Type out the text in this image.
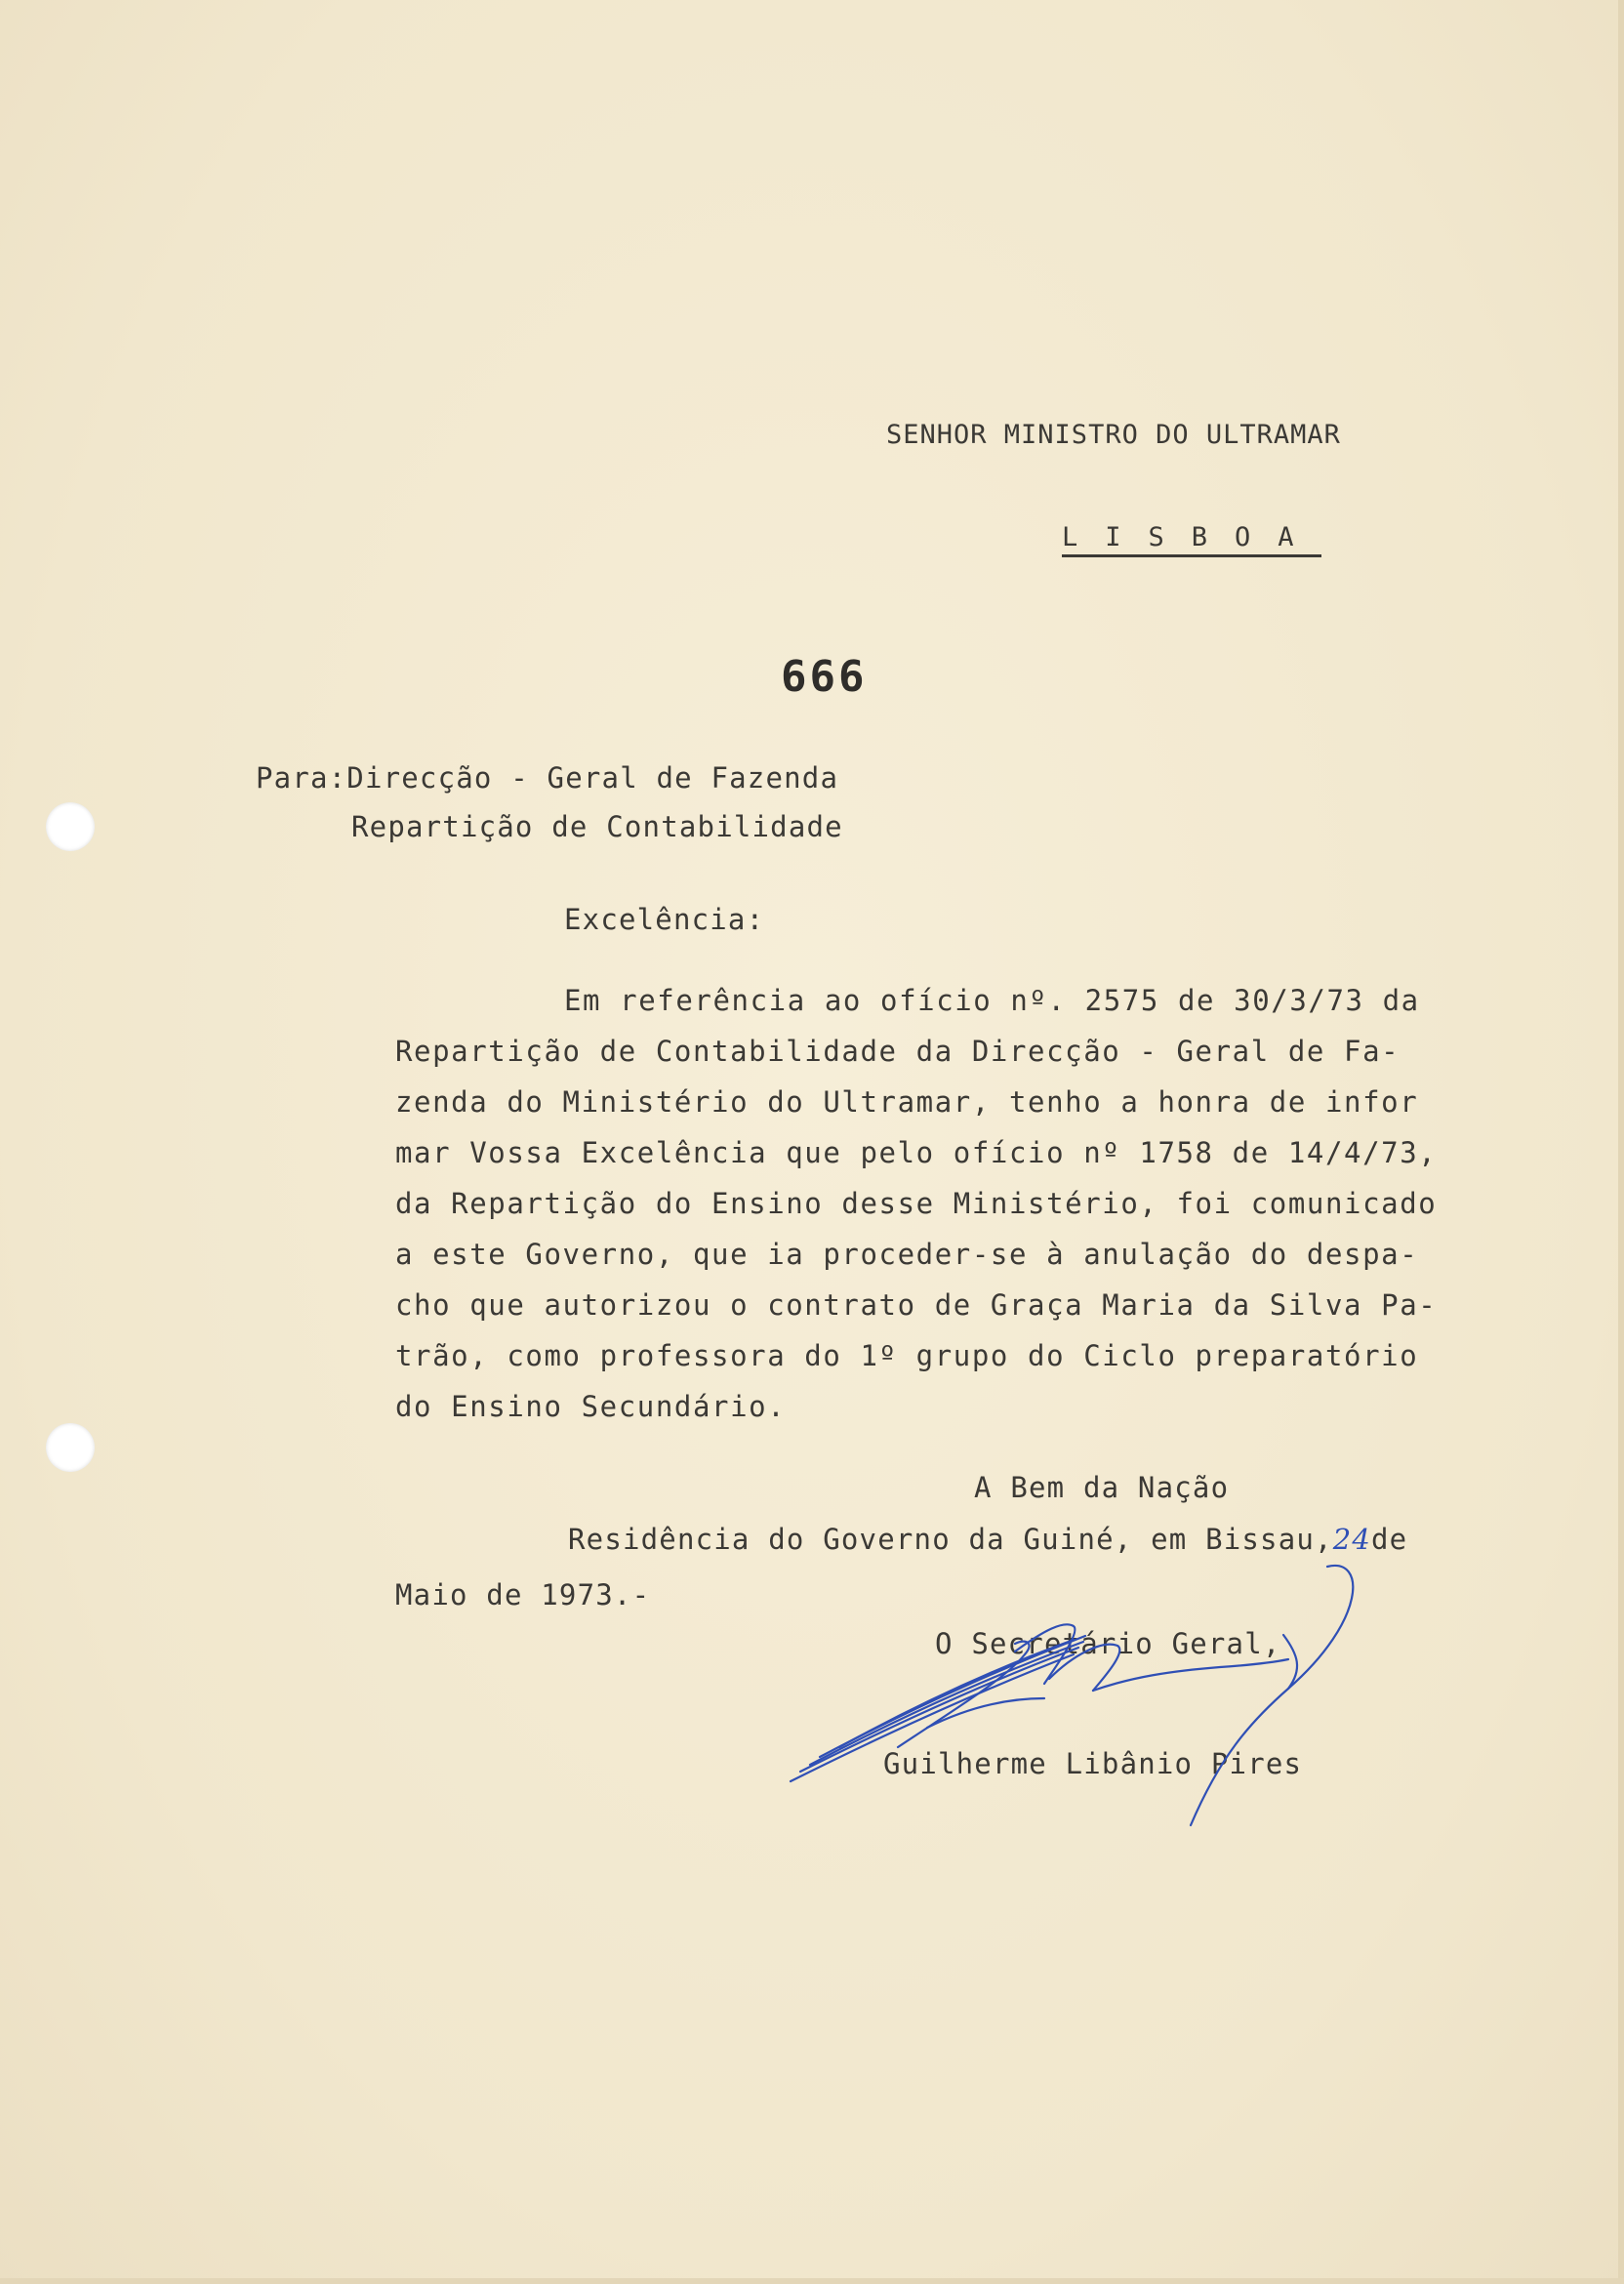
SENHOR MINISTRO DO ULTRAMAR
LISBOA
666
Para:Direcção - Geral de Fazenda
Repartição de Contabilidade
Excelência:
Em referência ao ofício nº. 2575 de 30/3/73 da
Repartição de Contabilidade da Direcção - Geral de Fa-
zenda do Ministério do Ultramar, tenho a honra de infor
mar Vossa Excelência que pelo ofício nº 1758 de 14/4/73,
da Repartição do Ensino desse Ministério, foi comunicado
a este Governo, que ia proceder-se à anulação do despa-
cho que autorizou o contrato de Graça Maria da Silva Pa-
trão, como professora do 1º grupo do Ciclo preparatório
do Ensino Secundário.
A Bem da Nação
Residência do Governo da Guiné, em Bissau,24de
Maio de 1973.-
O Secretário Geral,
Guilherme Libânio Pires
